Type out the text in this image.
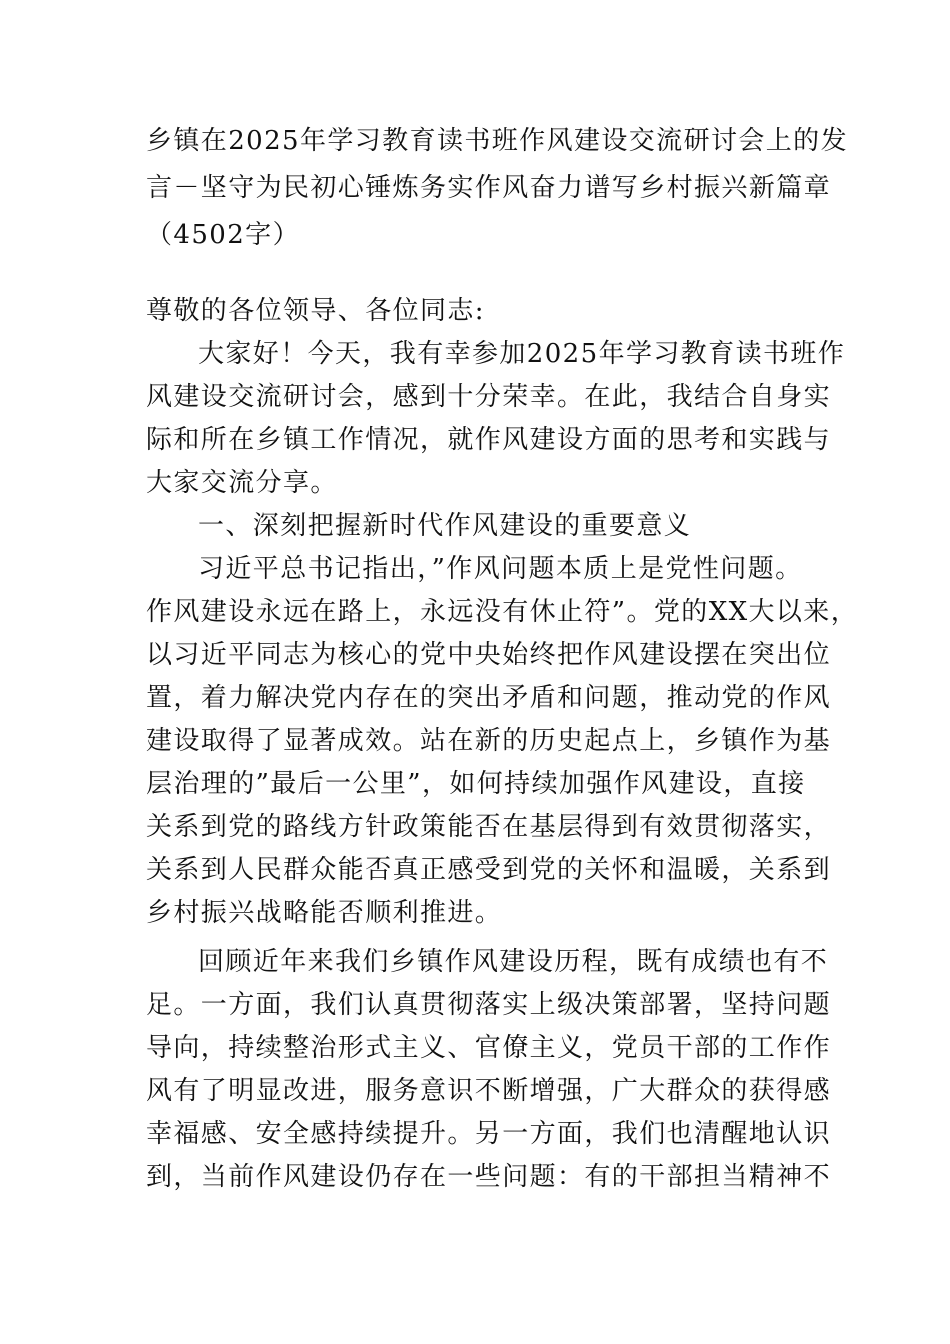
乡镇在2025年学习教育读书班作风建设交流研讨会上的发
言－坚守为民初心锤炼务实作风奋力谱写乡村振兴新篇章
（4502字）
尊敬的各位领导、各位同志:
大家好！今天，我有幸参加2025年学习教育读书班作
风建设交流研讨会，感到十分荣幸。在此，我结合自身实
际和所在乡镇工作情况，就作风建设方面的思考和实践与
大家交流分享。
一、深刻把握新时代作风建设的重要意义
习近平总书记指出，”作风问题本质上是党性问题。
作风建设永远在路上，永远没有休止符”。党的XX大以来，
以习近平同志为核心的党中央始终把作风建设摆在突出位
置，着力解决党内存在的突出矛盾和问题，推动党的作风
建设取得了显著成效。站在新的历史起点上，乡镇作为基
层治理的”最后一公里”，如何持续加强作风建设，直接
关系到党的路线方针政策能否在基层得到有效贯彻落实，
关系到人民群众能否真正感受到党的关怀和温暖，关系到
乡村振兴战略能否顺利推进。
回顾近年来我们乡镇作风建设历程，既有成绩也有不
足。一方面，我们认真贯彻落实上级决策部署，坚持问题
导向，持续整治形式主义、官僚主义，党员干部的工作作
风有了明显改进，服务意识不断增强，广大群众的获得感
幸福感、安全感持续提升。另一方面，我们也清醒地认识
到，当前作风建设仍存在一些问题：有的干部担当精神不
